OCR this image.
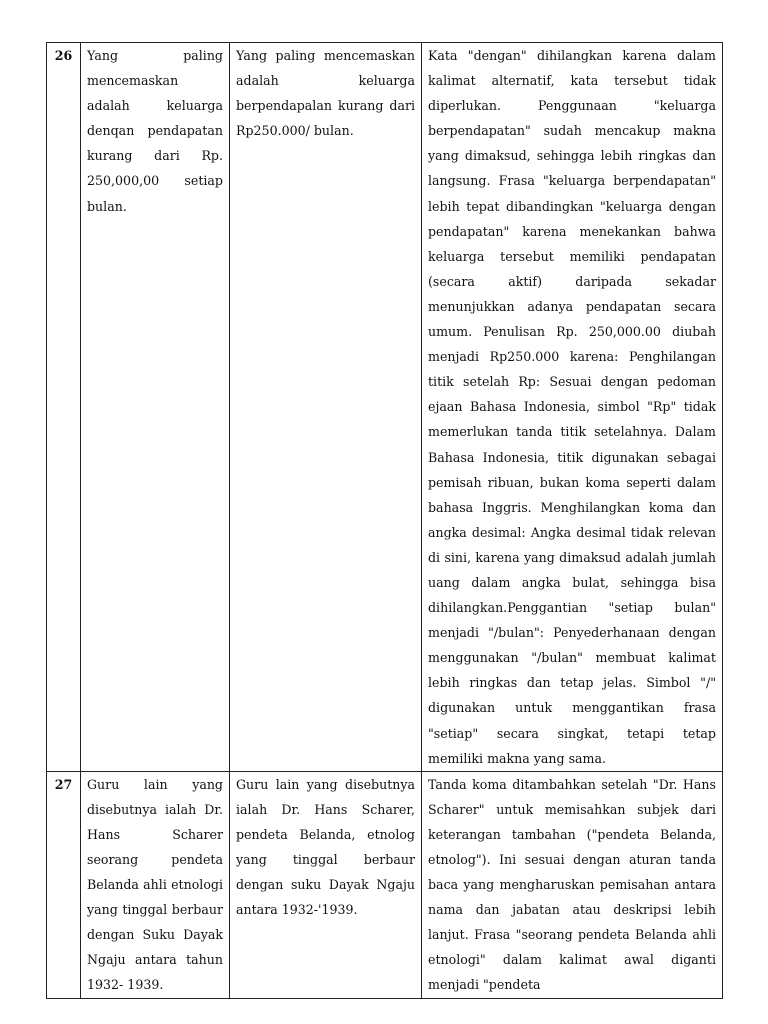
26	Yang paling mencemaskan adalah keluarga denqan pendapatan kurang dari Rp. 250,000,00 setiap bulan.	Yang paling mencemaskan adalah keluarga berpendapalan kurang dari Rp250.000/ bulan.	Kata "dengan" dihilangkan karena dalam kalimat alternatif, kata tersebut tidak diperlukan. Penggunaan "keluarga berpendapatan" sudah mencakup makna yang dimaksud, sehingga lebih ringkas dan langsung. Frasa "keluarga berpendapatan" lebih tepat dibandingkan "keluarga dengan pendapatan" karena menekankan bahwa keluarga tersebut memiliki pendapatan (secara aktif) daripada sekadar menunjukkan adanya pendapatan secara umum. Penulisan Rp. 250,000.00 diubah menjadi Rp250.000 karena: Penghilangan titik setelah Rp: Sesuai dengan pedoman ejaan Bahasa Indonesia, simbol "Rp" tidak memerlukan tanda titik setelahnya. Dalam Bahasa Indonesia, titik digunakan sebagai pemisah ribuan, bukan koma seperti dalam bahasa Inggris. Menghilangkan koma dan angka desimal: Angka desimal tidak relevan di sini, karena yang dimaksud adalah jumlah uang dalam angka bulat, sehingga bisa dihilangkan.Penggantian "setiap bulan" menjadi "/bulan": Penyederhanaan dengan menggunakan "/bulan" membuat kalimat lebih ringkas dan tetap jelas. Simbol "/" digunakan untuk menggantikan frasa "setiap" secara singkat, tetapi tetap memiliki makna yang sama.

27	Guru lain yang disebutnya ialah Dr. Hans Scharer seorang pendeta Belanda ahli etnologi yang tinggal berbaur dengan Suku Dayak Ngaju antara tahun 1932- 1939.	Guru lain yang disebutnya ialah Dr. Hans Scharer, pendeta Belanda, etnolog yang tinggal berbaur dengan suku Dayak Ngaju antara 1932-'1939.	Tanda koma ditambahkan setelah "Dr. Hans Scharer" untuk memisahkan subjek dari keterangan tambahan ("pendeta Belanda, etnolog"). Ini sesuai dengan aturan tanda baca yang mengharuskan pemisahan antara nama dan jabatan atau deskripsi lebih lanjut. Frasa "seorang pendeta Belanda ahli etnologi" dalam kalimat awal diganti menjadi "pendeta
